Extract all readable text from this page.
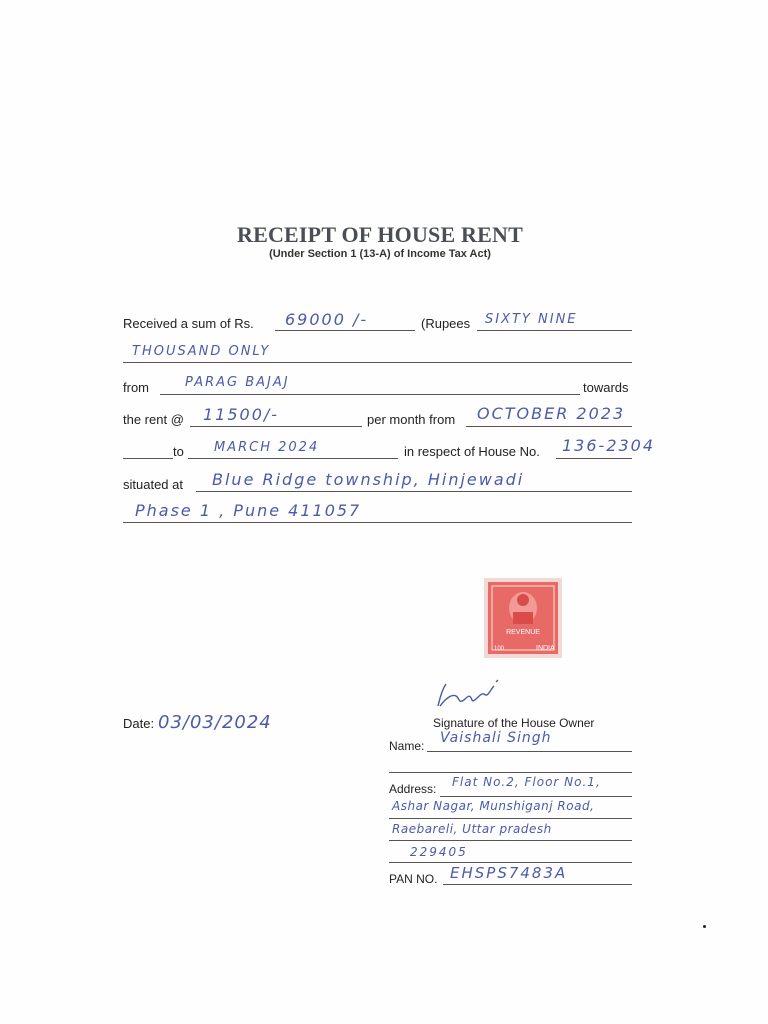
RECEIPT OF HOUSE RENT
(Under Section 1 (13-A) of Income Tax Act)
Received a sum of Rs. 69000 /-	(Rupees SIXTY NINE
THOUSAND ONLY
from	PARAG BAJAJ	towards
the rent @ 11500/-	per month from OCTOBER 2023
to MARCH 2024	in respect of House No. 136-2304
situated at Blue Ridge township, Hinjewadi
Phase 1 , Pune 411057
REVENUE
100	INDIA
Vsingh
Date: 03/03/2024	Signature of the House Owner
Name: Vaishali Singh
Address: Flat No.2, Floor No.1,
Ashar Nagar, Munshiganj Road,
Raebareli, Uttar pradesh
229405
PAN NO. EHSPS7483A
